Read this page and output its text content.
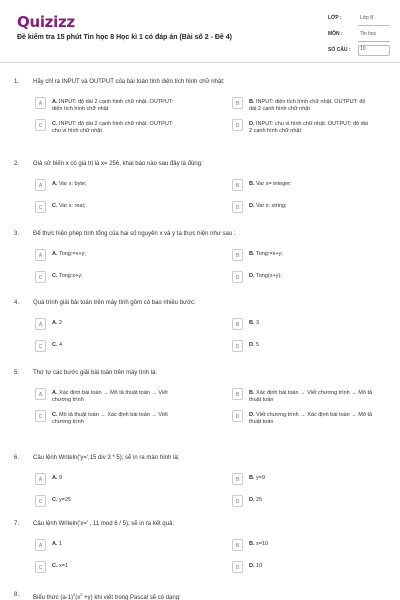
Quizizz
Đề kiểm tra 15 phút Tin học 8 Học kì 1 có đáp án (Bài số 2 - Đề 4)
LỚP :	Lớp 8
MÔN :	Tin học
SỐ CÂU : 10
1. Hãy chỉ ra INPUT và OUTPUT của bài toán tính diện tích hình chữ nhật:
A	A. INPUT: độ dài 2 cạnh hình chữ nhật. OUTPUT:
diện tích hình chữ nhật
B	B. INPUT: diện tích hình chữ nhật. OUTPUT: độ
dài 2 cạnh hình chữ nhật
C	C. INPUT: độ dài 2 cạnh hình chữ nhật. OUTPUT:
chu vi hình chữ nhật
D	D. INPUT: chu vi hình chữ nhật. OUTPUT: độ dài
2 cạnh hình chữ nhật
2. Giả sử biến x có giá trị là x= 256, khai báo nào sau đây là đúng:
A	A. Var x: byte;	B	B. Var x= integer;
C	C. Var x: real;	D	D. Var x: string;
3. Để thực hiện phép tính tổng của hai số nguyên x và y ta thực hiện như sau :
A	A. Tong:=x+y;	B	B. Tong:=x+y;
C	C. Tong:x+y;	D	D. Tong(x+y);
4. Quá trình giải bài toán trên máy tính gồm có bao nhiêu bước:
A	A. 2	B	B. 3
C	C. 4	D	D. 5
5. Thứ tự các bước giải bài toán trên máy tính là:
A	A. Xác định bài toán → Mô tả thuật toán → Viết
chương trình
B	B. Xác định bài toán → Viết chương trình → Mô tả
thuật toán
C	C. Mô tả thuật toán → Xác định bài toán → Viết
chương trình
D	D. Viết chương trình → Xác định bài toán → Mô tả
thuật toán
6. Câu lệnh Writeln('y=',15 div 3 * 5); sẽ in ra màn hình là:
A	A. 9	B	B. y=9
C	C. y=25	D	D. 25
7. Câu lệnh Writeln('x=' , 11 mod 6 / 5); sẽ in ra kết quả:
A	A. 1	B	B. x=10
C	C. x=1	D	D. 10
8. Biểu thức $(a-1)^2(x^2 +y)$ khi viết trong Pascal sẽ có dạng:
